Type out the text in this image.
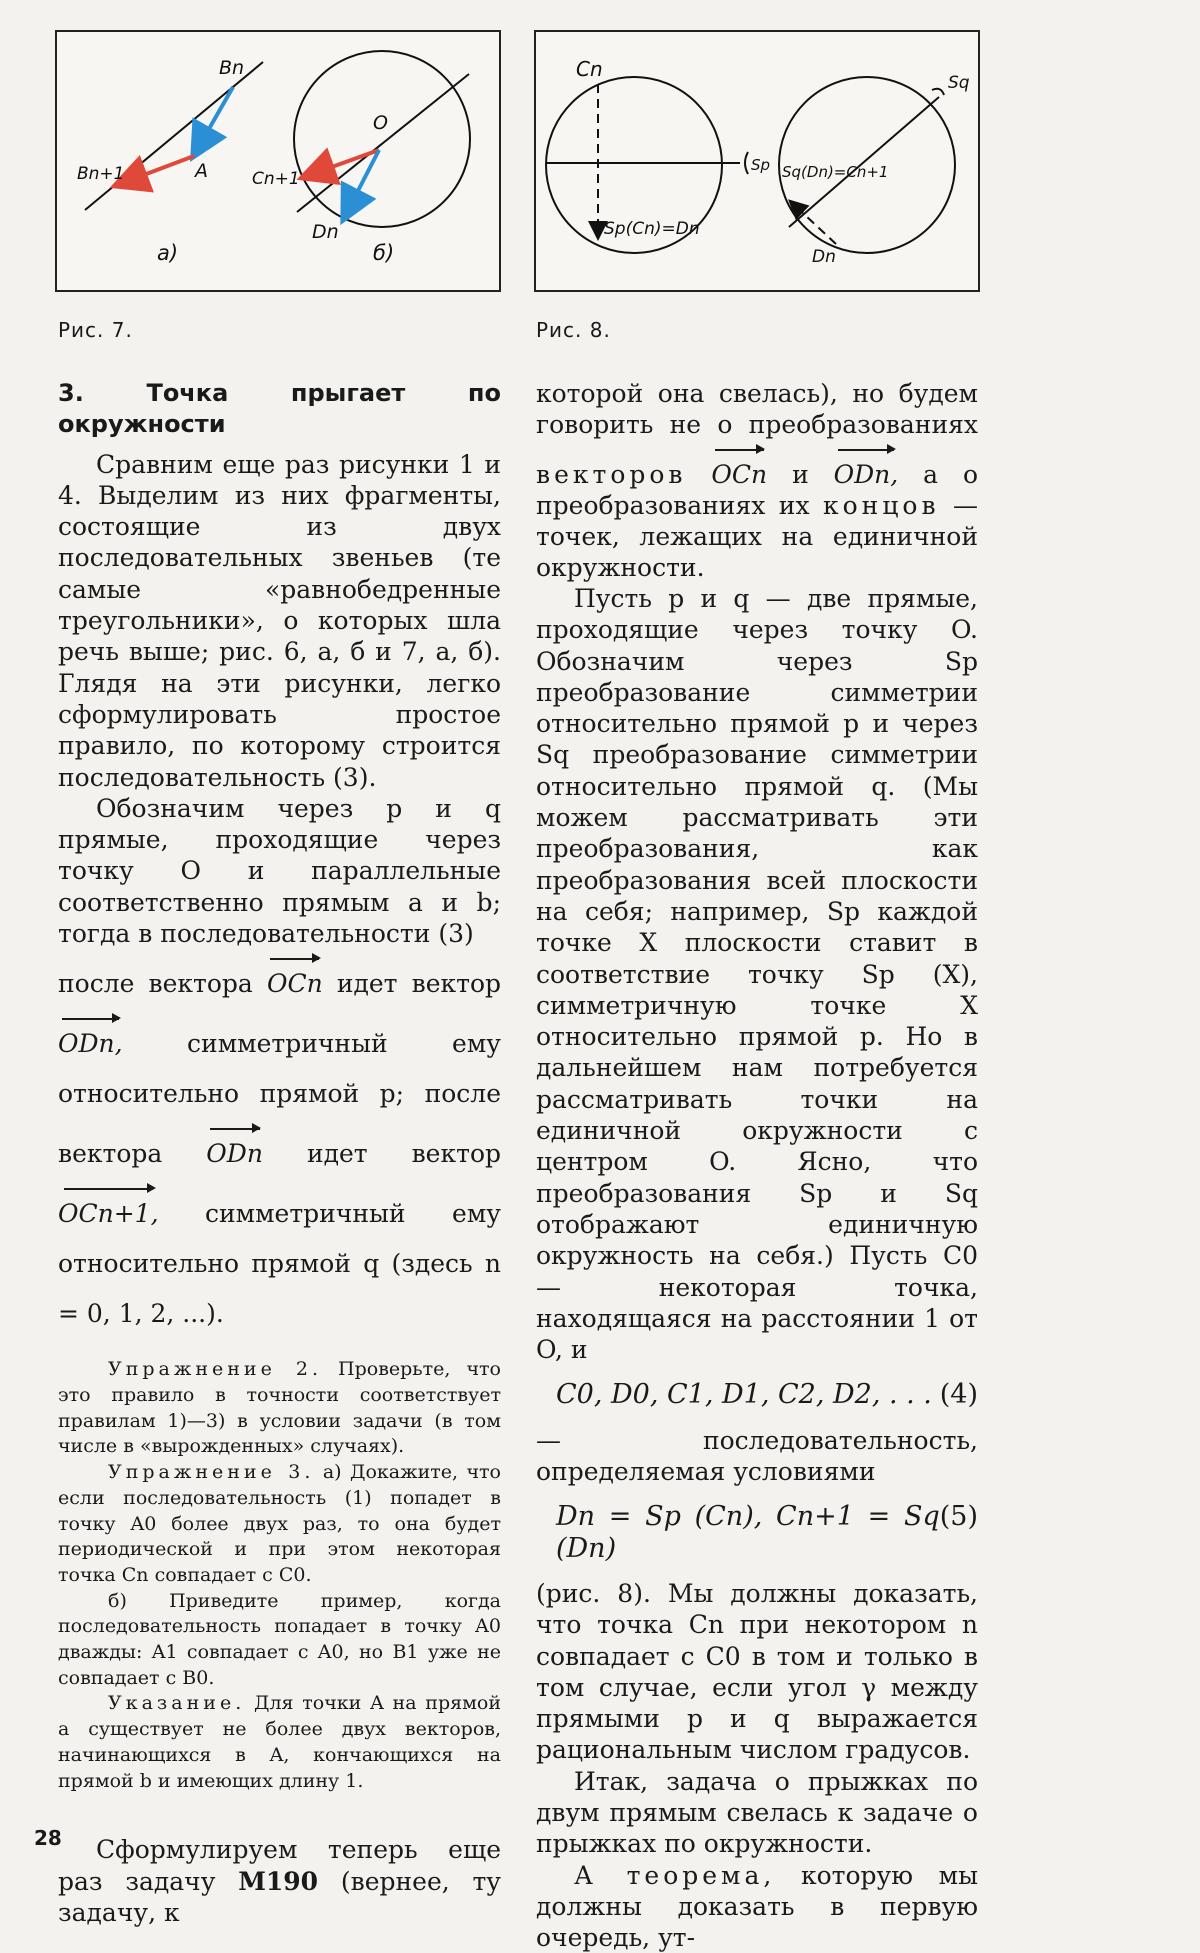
Bn
Bn+1	A
O
Cn+1
Dn
а)	б)
Рис. 7.
Cn
Sp
Sp(Cn)=Dn
Sq
Sq(Dn)=Cn+1
Dn
Рис. 8.

3. Точка прыгает по окружности

Сравним еще раз рисунки 1 и 4. Выделим из них фрагменты, состоящие из двух последовательных звеньев (те самые «равнобедренные треугольники», о которых шла речь выше; рис. 6, а, б и 7, а, б). Глядя на эти рисунки, легко сформулировать простое правило, по которому строится последовательность (3).

Обозначим через p и q прямые, проходящие через точку O и параллельные соответственно прямым a и b; тогда в последовательности (3)

после вектора OCn идет вектор ODn,	симметричный ему относительно прямой p; после вектора ODn идет вектор OCn+1, симметричный ему относительно прямой q (здесь n = 0, 1, 2, ...).

Упражнение 2. Проверьте, что это правило в точности соответствует правилам 1)—3) в условии задачи (в том числе в «вырожденных» случаях).

Упражнение 3. а) Докажите, что если последовательность (1) попадет в точку A0 более двух раз, то она будет периодической и при этом некоторая точка Cn совпадает с C0.

б) Приведите пример, когда последовательность попадает в точку A0 дважды: A1 совпадает с A0, но B1 уже не совпадает с B0.

Указание. Для точки A на прямой a существует не более двух векторов, начинающихся в A, кончающихся на прямой b и имеющих длину 1.

Сформулируем теперь еще раз задачу М190 (вернее, ту задачу, к

которой она свелась), но будем говорить не о преобразованиях векторов OCn и ODn, а о преобразованиях их концов — точек, лежащих на единичной окружности.

Пусть p и q — две прямые, проходящие через точку O. Обозначим через Sp преобразование симметрии относительно прямой p и через Sq преобразование симметрии относительно прямой q. (Мы можем рассматривать эти преобразования, как преобразования всей плоскости на себя; например, Sp каждой точке X плоскости ставит в соответствие точку Sp (X), симметричную точке X относительно прямой p. Но в дальнейшем нам потребуется рассматривать точки на единичной окружности с центром O. Ясно, что преобразования Sp и Sq отображают единичную окружность на себя.) Пусть C0 — некоторая точка, находящаяся на расстоянии 1 от O, и

C0, D0, C1, D1, C2, D2, . . . (4)

— последовательность, определяемая условиями

Dn = Sp (Cn), Cn+1 = Sq (Dn)
(5)

(рис. 8). Мы должны доказать, что точка Cn при некотором n совпадает с C0 в том и только в том случае, если угол γ между прямыми p и q выражается рациональным числом градусов.

Итак, задача о прыжках по двум прямым свелась к задаче о прыжках по окружности.

А теорема, которую мы должны доказать в первую очередь, ут-

28
